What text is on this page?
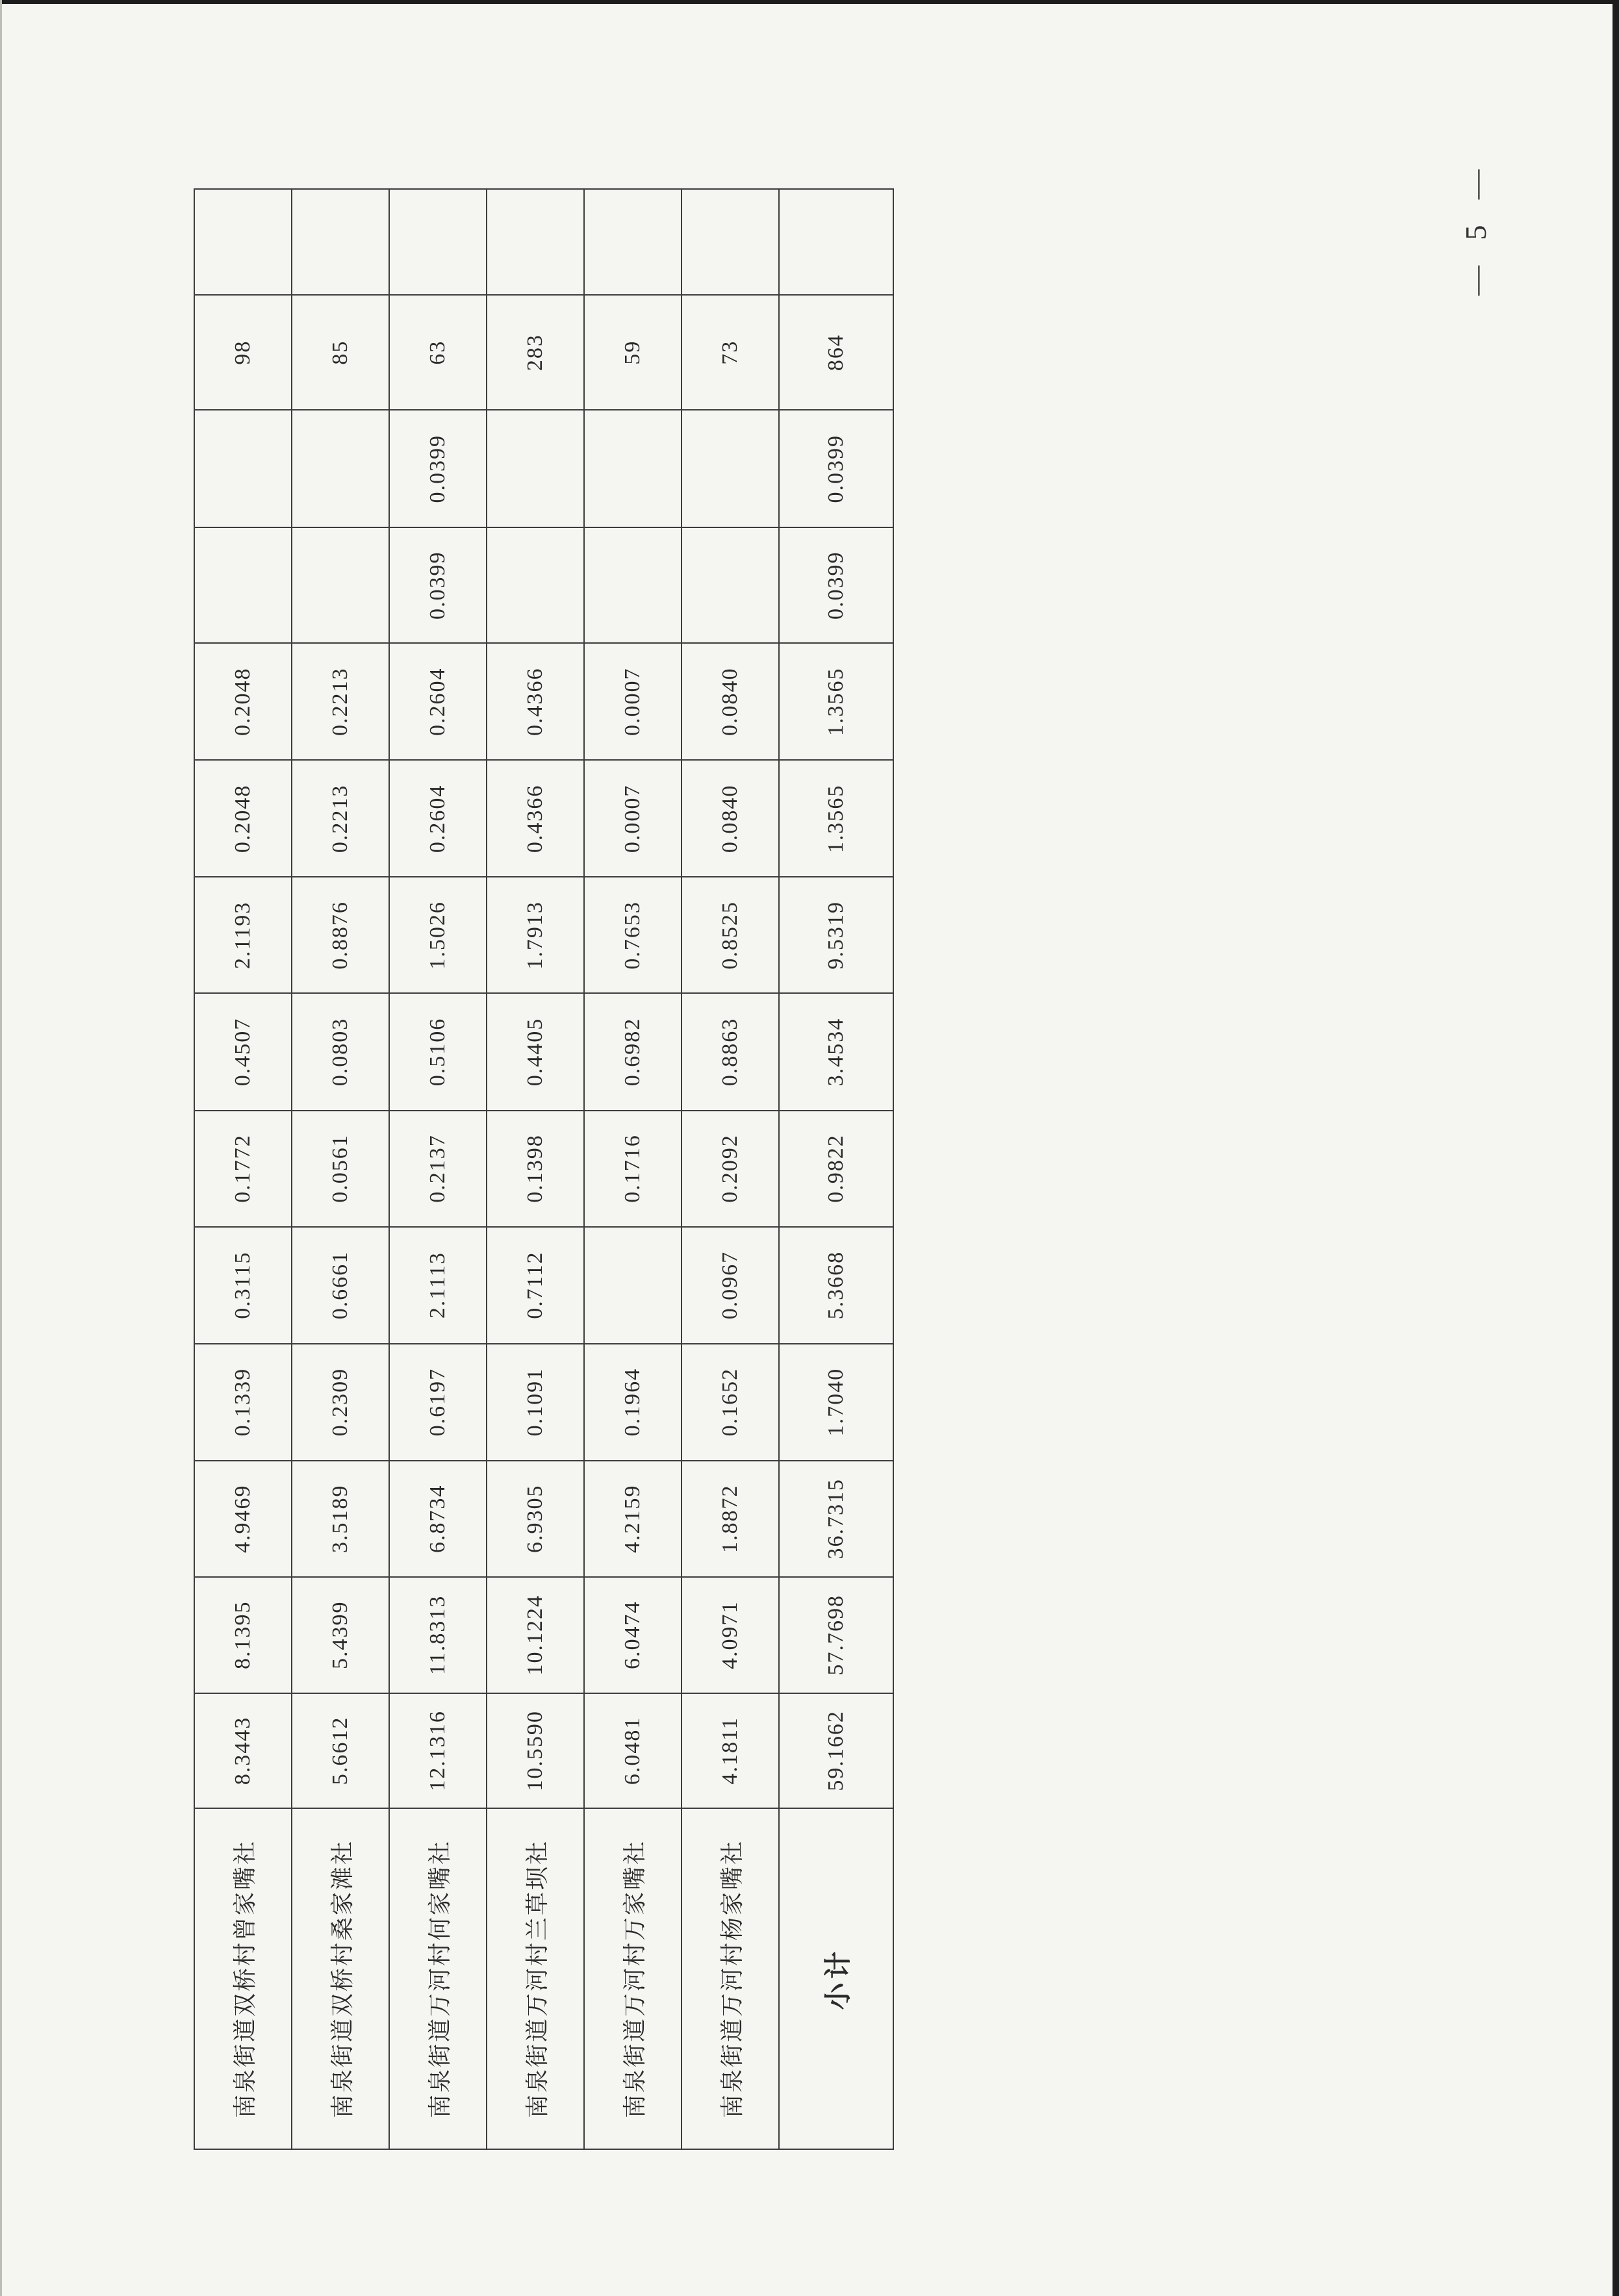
南泉街道双桥村曾家嘴社	8.3443	8.1395	4.9469	0.1339	0.3115	0.1772	0.4507	2.1193	0.2048	0.2048			98	
南泉街道双桥村桑家滩社	5.6612	5.4399	3.5189	0.2309	0.6661	0.0561	0.0803	0.8876	0.2213	0.2213			85	
南泉街道万河村何家嘴社	12.1316	11.8313	6.8734	0.6197	2.1113	0.2137	0.5106	1.5026	0.2604	0.2604	0.0399	0.0399	63	
南泉街道万河村兰草坝社	10.5590	10.1224	6.9305	0.1091	0.7112	0.1398	0.4405	1.7913	0.4366	0.4366			283	
南泉街道万河村万家嘴社	6.0481	6.0474	4.2159	0.1964		0.1716	0.6982	0.7653	0.0007	0.0007			59	
南泉街道万河村杨家嘴社	4.1811	4.0971	1.8872	0.1652	0.0967	0.2092	0.8863	0.8525	0.0840	0.0840			73	
小计	59.1662	57.7698	36.7315	1.7040	5.3668	0.9822	3.4534	9.5319	1.3565	1.3565	0.0399	0.0399	864	
— 5 —
